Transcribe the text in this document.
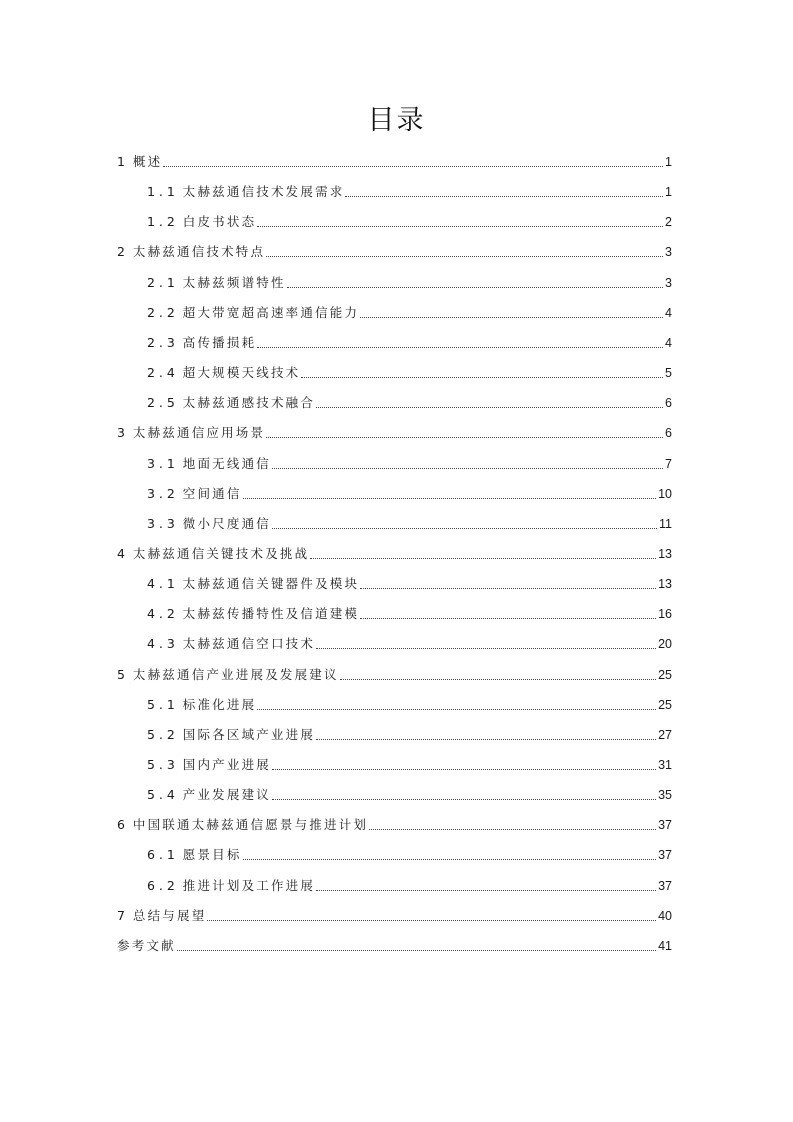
目录
1 概述	1
1 . 1 太赫兹通信技术发展需求	1
1 . 2 白皮书状态	2
2 太赫兹通信技术特点	3
2 . 1 太赫兹频谱特性	3
2 . 2 超大带宽超高速率通信能力	4
2 . 3 高传播损耗	4
2 . 4 超大规模天线技术	5
2 . 5 太赫兹通感技术融合	6
3 太赫兹通信应用场景	6
3 . 1 地面无线通信	7
3 . 2 空间通信	10
3 . 3 微小尺度通信	11
4 太赫兹通信关键技术及挑战	13
4 . 1 太赫兹通信关键器件及模块	13
4 . 2 太赫兹传播特性及信道建模	16
4 . 3 太赫兹通信空口技术	20
5 太赫兹通信产业进展及发展建议	25
5 . 1 标准化进展	25
5 . 2 国际各区域产业进展	27
5 . 3 国内产业进展	31
5 . 4 产业发展建议	35
6 中国联通太赫兹通信愿景与推进计划	37
6 . 1 愿景目标	37
6 . 2 推进计划及工作进展	37
7 总结与展望	40
参考文献	41
